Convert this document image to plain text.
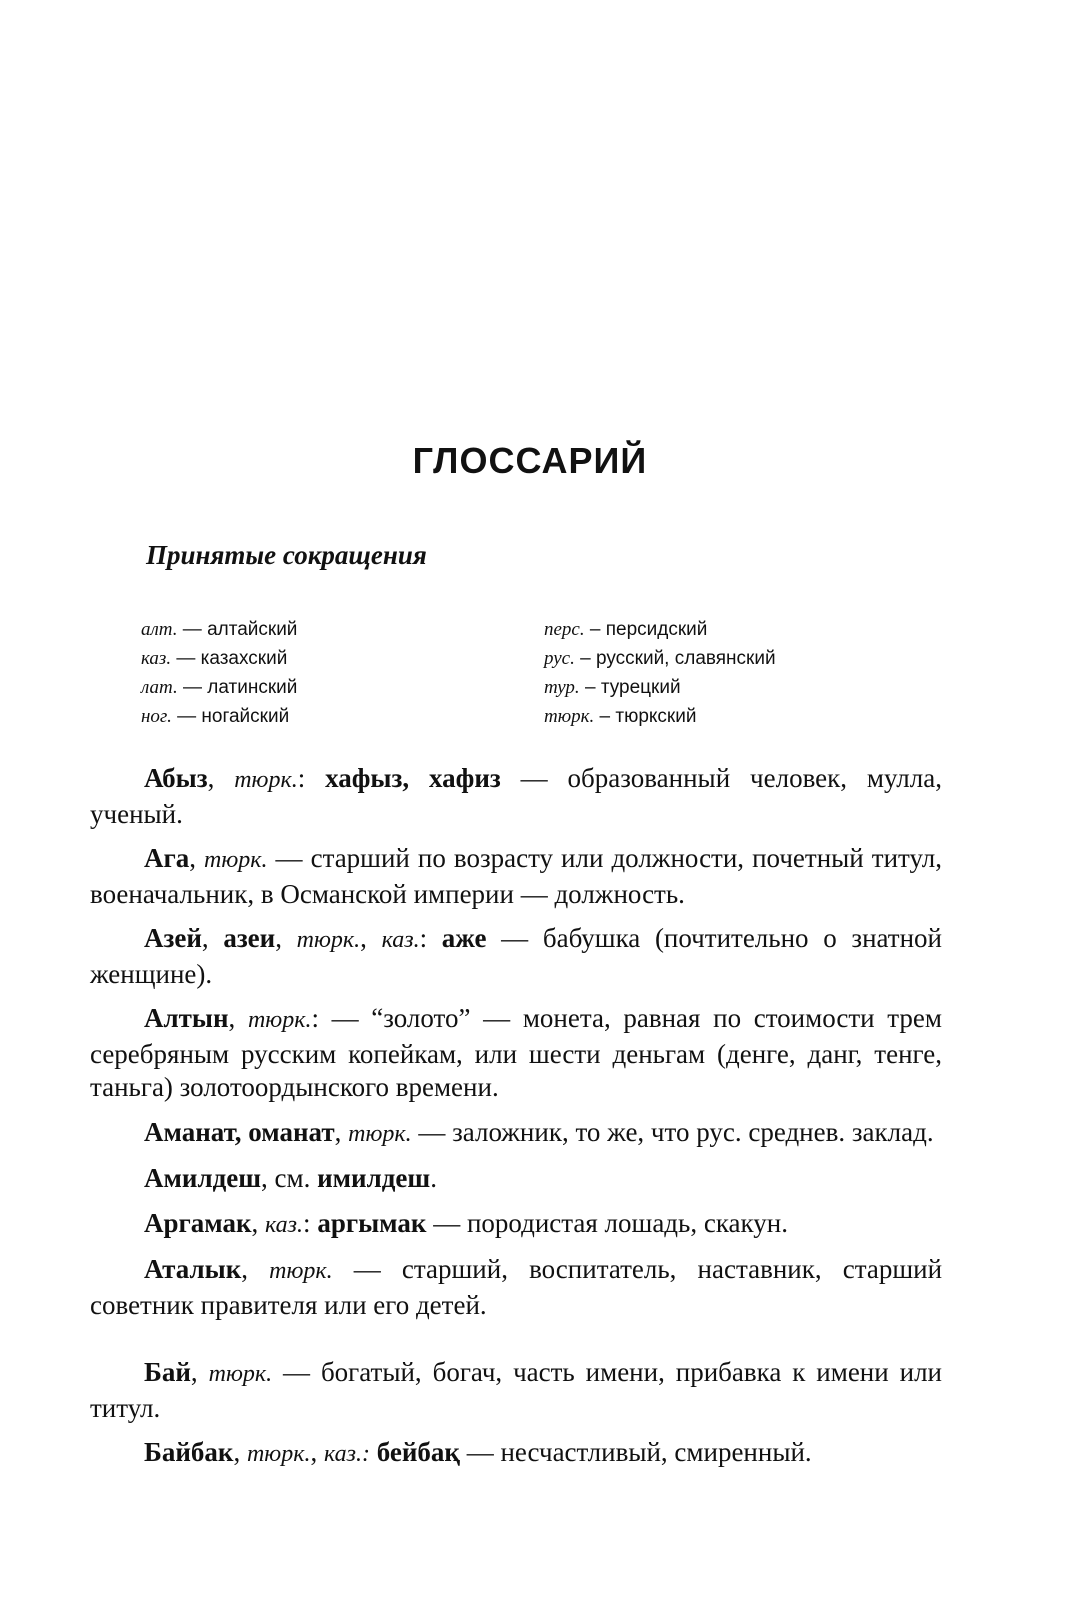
ГЛОССАРИЙ
Принятые сокращения
алт. — алтайский
каз. — казахский
лат. — латинский
ног. — ногайский
перс. – персидский
рус. – русский, славянский
тур. – турецкий
тюрк. – тюркский

Абыз, тюрк.: хафыз, хафиз — образованный человек, мулла, ученый.

Ага, тюрк. — старший по возрасту или должности, почетный титул, военачальник, в Османской империи — должность.

Азей, азеи, тюрк., каз.: аже — бабушка (почтительно о знатной женщине).

Алтын, тюрк.: — “золото” — монета, равная по стоимости трем серебряным русским копейкам, или шести деньгам (денге, данг, тенге, таньга) золотоордынского времени.

Аманат, оманат, тюрк. — заложник, то же, что рус. среднев. заклад.

Амилдеш, см. имилдеш.

Аргамак, каз.: аргымак — породистая лошадь, скакун.

Аталык, тюрк. — старший, воспитатель, наставник, старший советник правителя или его детей.

Бай, тюрк. — богатый, богач, часть имени, прибавка к имени или титул.

Байбак, тюрк., каз.: бейбақ — несчастливый, смиренный.
